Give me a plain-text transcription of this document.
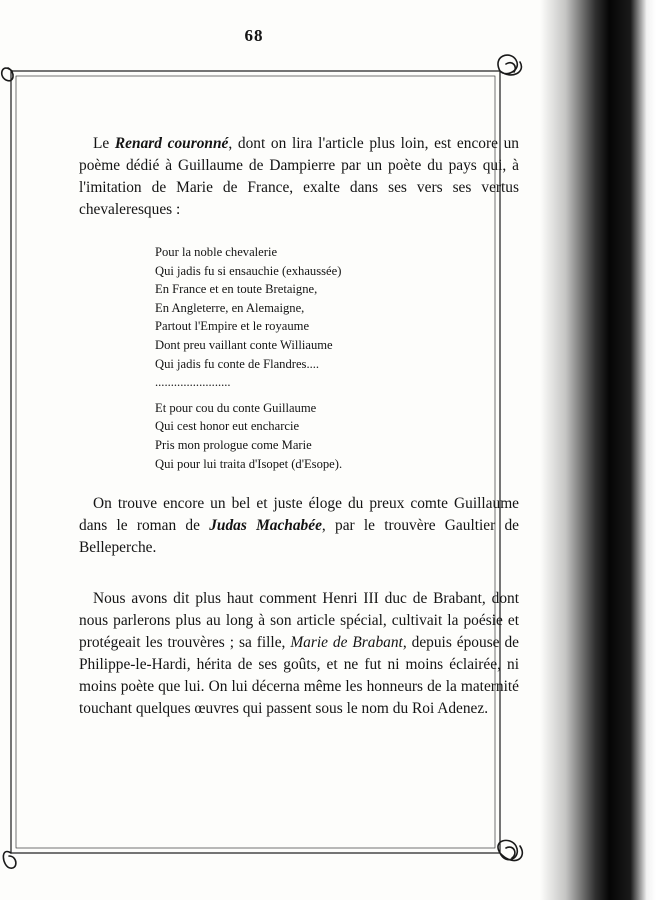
68

Le Renard couronné, dont on lira l'article plus loin, est encore un poème dédié à Guillaume de Dampierre par un poète du pays qui, à l'imitation de Marie de France, exalte dans ses vers ses vertus chevaleresques :

Pour la noble chevalerie
Qui jadis fu si ensauchie (exhaussée)
En France et en toute Bretaigne,
En Angleterre, en Alemaigne,
Partout l'Empire et le royaume
Dont preu vaillant conte Williaume
Qui jadis fu conte de Flandres....
........................
Et pour cou du conte Guillaume
Qui cest honor eut encharcie
Pris mon prologue come Marie
Qui pour lui traita d'Isopet (d'Esope).

On trouve encore un bel et juste éloge du preux comte Guillaume dans le roman de Judas Machabée, par le trouvère Gaultier de Belleperche.

Nous avons dit plus haut comment Henri III duc de Brabant, dont nous parlerons plus au long à son article spécial, cultivait la poésie et protégeait les trouvères ; sa fille, Marie de Brabant, depuis épouse de Philippe-le-Hardi, hérita de ses goûts, et ne fut ni moins éclairée, ni moins poète que lui. On lui décerna même les honneurs de la maternité touchant quelques œuvres qui passent sous le nom du Roi Adenez.
